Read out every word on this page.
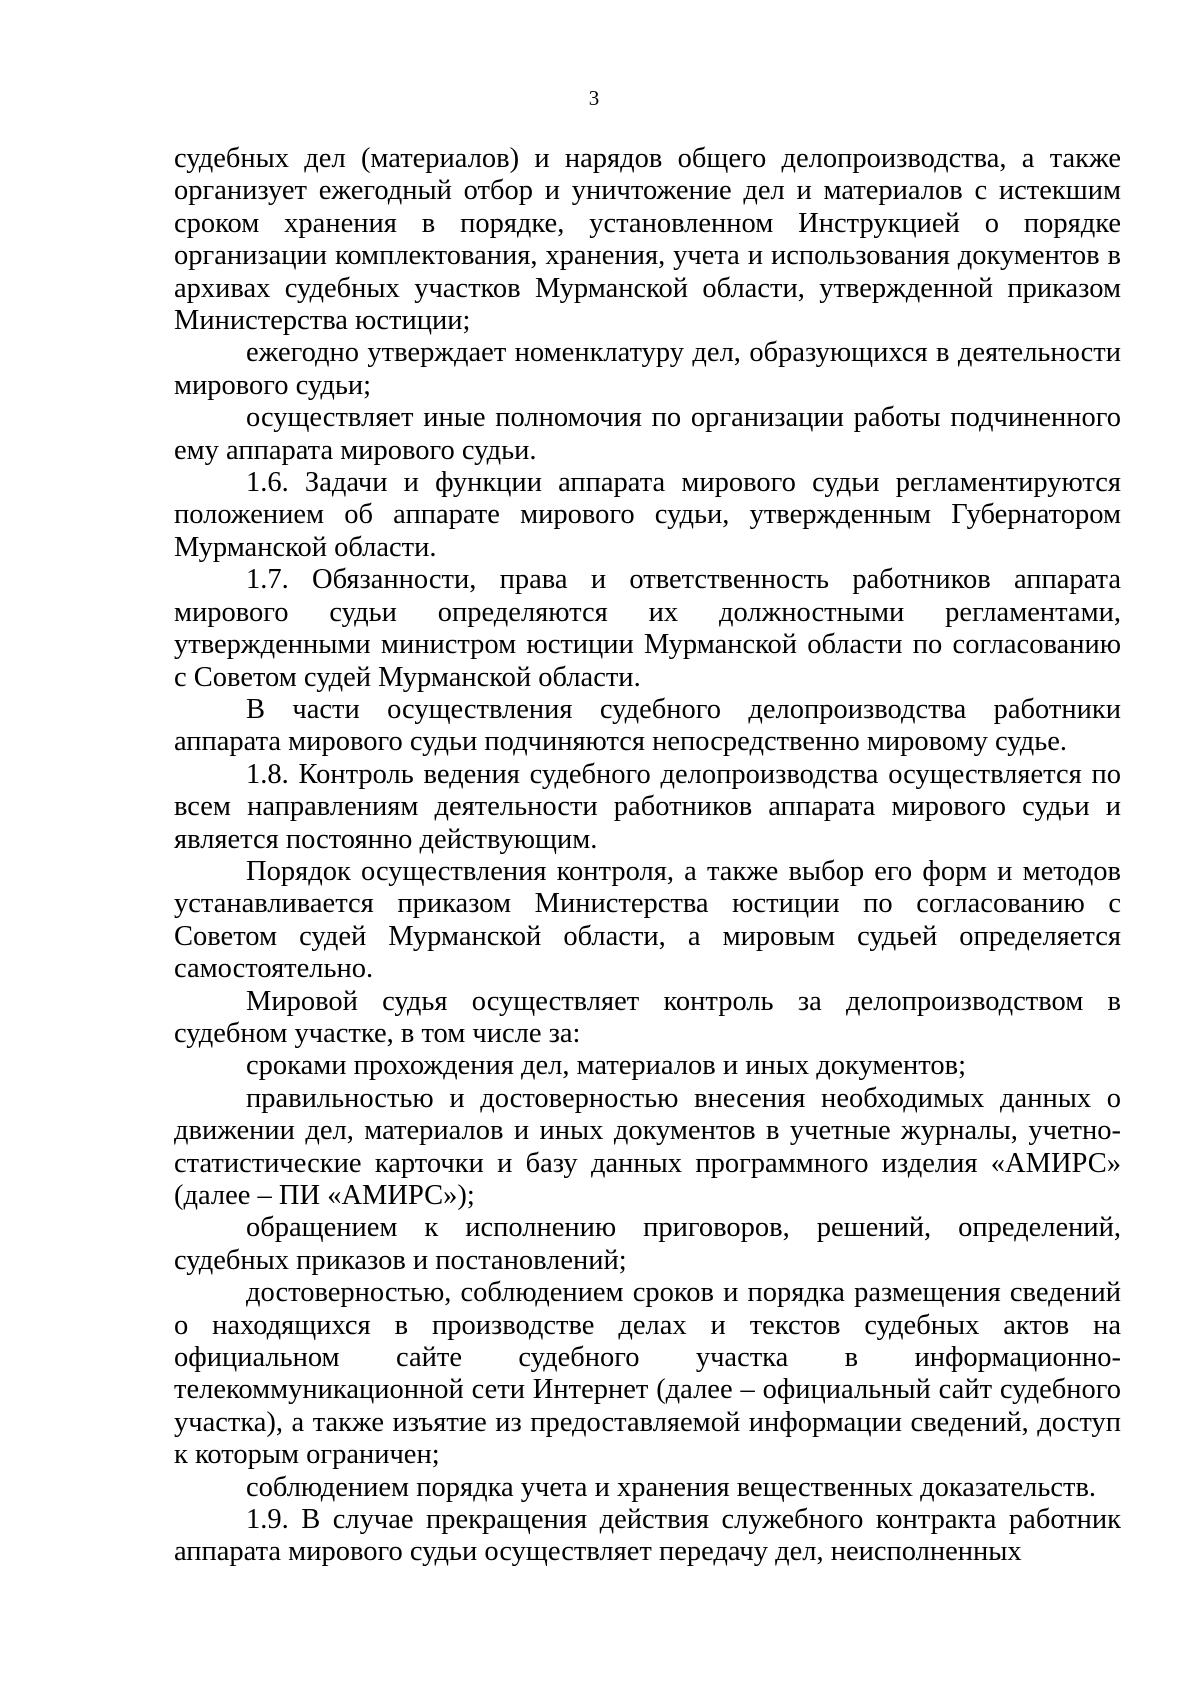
3

судебных дел (материалов) и нарядов общего делопроизводства, а также организует ежегодный отбор и уничтожение дел и материалов с истекшим сроком хранения в порядке, установленном Инструкцией о порядке организации комплектования, хранения, учета и использования документов в архивах судебных участков Мурманской области, утвержденной приказом Министерства юстиции;

ежегодно утверждает номенклатуру дел, образующихся в деятельности мирового судьи;

осуществляет иные полномочия по организации работы подчиненного ему аппарата мирового судьи.

1.6. Задачи и функции аппарата мирового судьи регламентируются положением об аппарате мирового судьи, утвержденным Губернатором Мурманской области.

1.7. Обязанности, права и ответственность работников аппарата мирового судьи определяются их должностными регламентами, утвержденными министром юстиции Мурманской области по согласованию с Советом судей Мурманской области.

В части осуществления судебного делопроизводства работники аппарата мирового судьи подчиняются непосредственно мировому судье.

1.8. Контроль ведения судебного делопроизводства осуществляется по всем направлениям деятельности работников аппарата мирового судьи и является постоянно действующим.

Порядок осуществления контроля, а также выбор его форм и методов устанавливается приказом Министерства юстиции по согласованию с Советом судей Мурманской области, а мировым судьей определяется самостоятельно.

Мировой судья осуществляет контроль за делопроизводством в судебном участке, в том числе за:

сроками прохождения дел, материалов и иных документов;

правильностью и достоверностью внесения необходимых данных о движении дел, материалов и иных документов в учетные журналы, учетно-статистические карточки и базу данных программного изделия «АМИРС» (далее – ПИ «АМИРС»);

обращением к исполнению приговоров, решений, определений, судебных приказов и постановлений;

достоверностью, соблюдением сроков и порядка размещения сведений о находящихся в производстве делах и текстов судебных актов на официальном сайте судебного участка в информационно-телекоммуникационной сети Интернет (далее – официальный сайт судебного участка), а также изъятие из предоставляемой информации сведений, доступ к которым ограничен;

соблюдением порядка учета и хранения вещественных доказательств.

1.9. В случае прекращения действия служебного контракта работник аппарата мирового судьи осуществляет передачу дел, неисполненных
